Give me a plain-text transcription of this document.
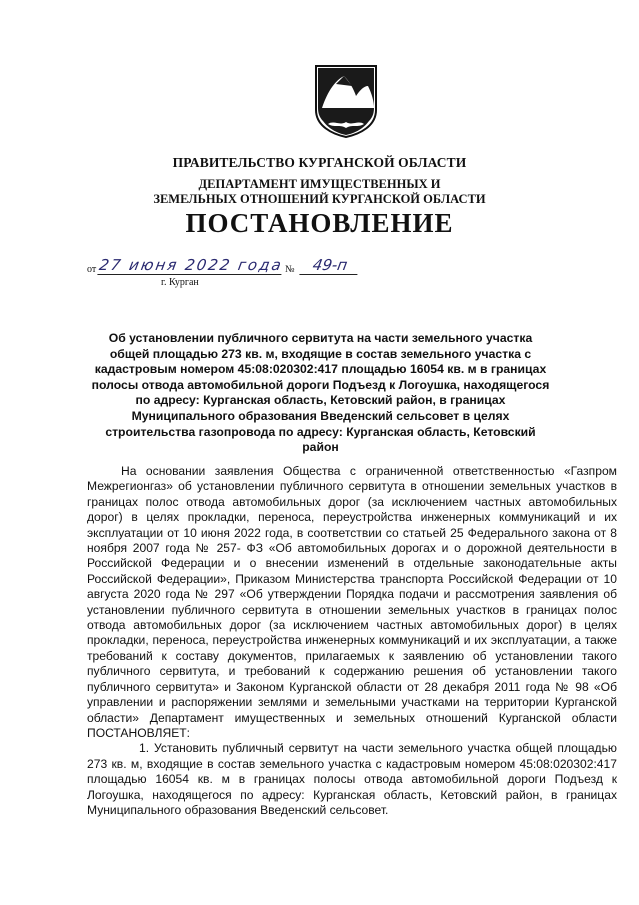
ПРАВИТЕЛЬСТВО КУРГАНСКОЙ ОБЛАСТИ
ДЕПАРТАМЕНТ ИМУЩЕСТВЕННЫХ И
ЗЕМЕЛЬНЫХ ОТНОШЕНИЙ КУРГАНСКОЙ ОБЛАСТИ
ПОСТАНОВЛЕНИЕ
от 27 июня 2022 года №	49-п
г. Курган
Об установлении публичного сервитута на части земельного участка общей площадью 273 кв. м, входящие в состав земельного участка с кадастровым номером 45:08:020302:417 площадью 16054 кв. м в границах полосы отвода автомобильной дороги Подъезд к Логоушка, находящегося по адресу: Курганская область, Кетовский район, в границах Муниципального образования Введенский сельсовет в целях строительства газопровода по адресу: Курганская область, Кетовский район

На основании заявления Общества с ограниченной ответственностью «Газпром Межрегионгаз» об установлении публичного сервитута в отношении земельных участков в границах полос отвода автомобильных дорог (за исключением частных автомобильных дорог) в целях прокладки, переноса, переустройства инженерных коммуникаций и их эксплуатации от 10 июня 2022 года, в соответствии со статьей 25 Федерального закона от 8 ноября 2007 года № 257- ФЗ «Об автомобильных дорогах и о дорожной деятельности в Российской Федерации и о внесении изменений в отдельные законодательные акты Российской Федерации», Приказом Министерства транспорта Российской Федерации от 10 августа 2020 года № 297 «Об утверждении Порядка подачи и рассмотрения заявления об установлении публичного сервитута в отношении земельных участков в границах полос отвода автомобильных дорог (за исключением частных автомобильных дорог) в целях прокладки, переноса, переустройства инженерных коммуникаций и их эксплуатации, а также требований к составу документов, прилагаемых к заявлению об установлении такого публичного сервитута, и требований к содержанию решения об установлении такого публичного сервитута» и Законом Курганской области от 28 декабря 2011 года № 98 «Об управлении и распоряжении землями и земельными участками на территории Курганской области» Департамент имущественных и земельных отношений Курганской области ПОСТАНОВЛЯЕТ:

1. Установить публичный сервитут на части земельного участка общей площадью 273 кв. м, входящие в состав земельного участка с кадастровым номером 45:08:020302:417 площадью 16054 кв. м в границах полосы отвода автомобильной дороги Подъезд к Логоушка, находящегося по адресу: Курганская область, Кетовский район, в границах Муниципального образования Введенский сельсовет.
